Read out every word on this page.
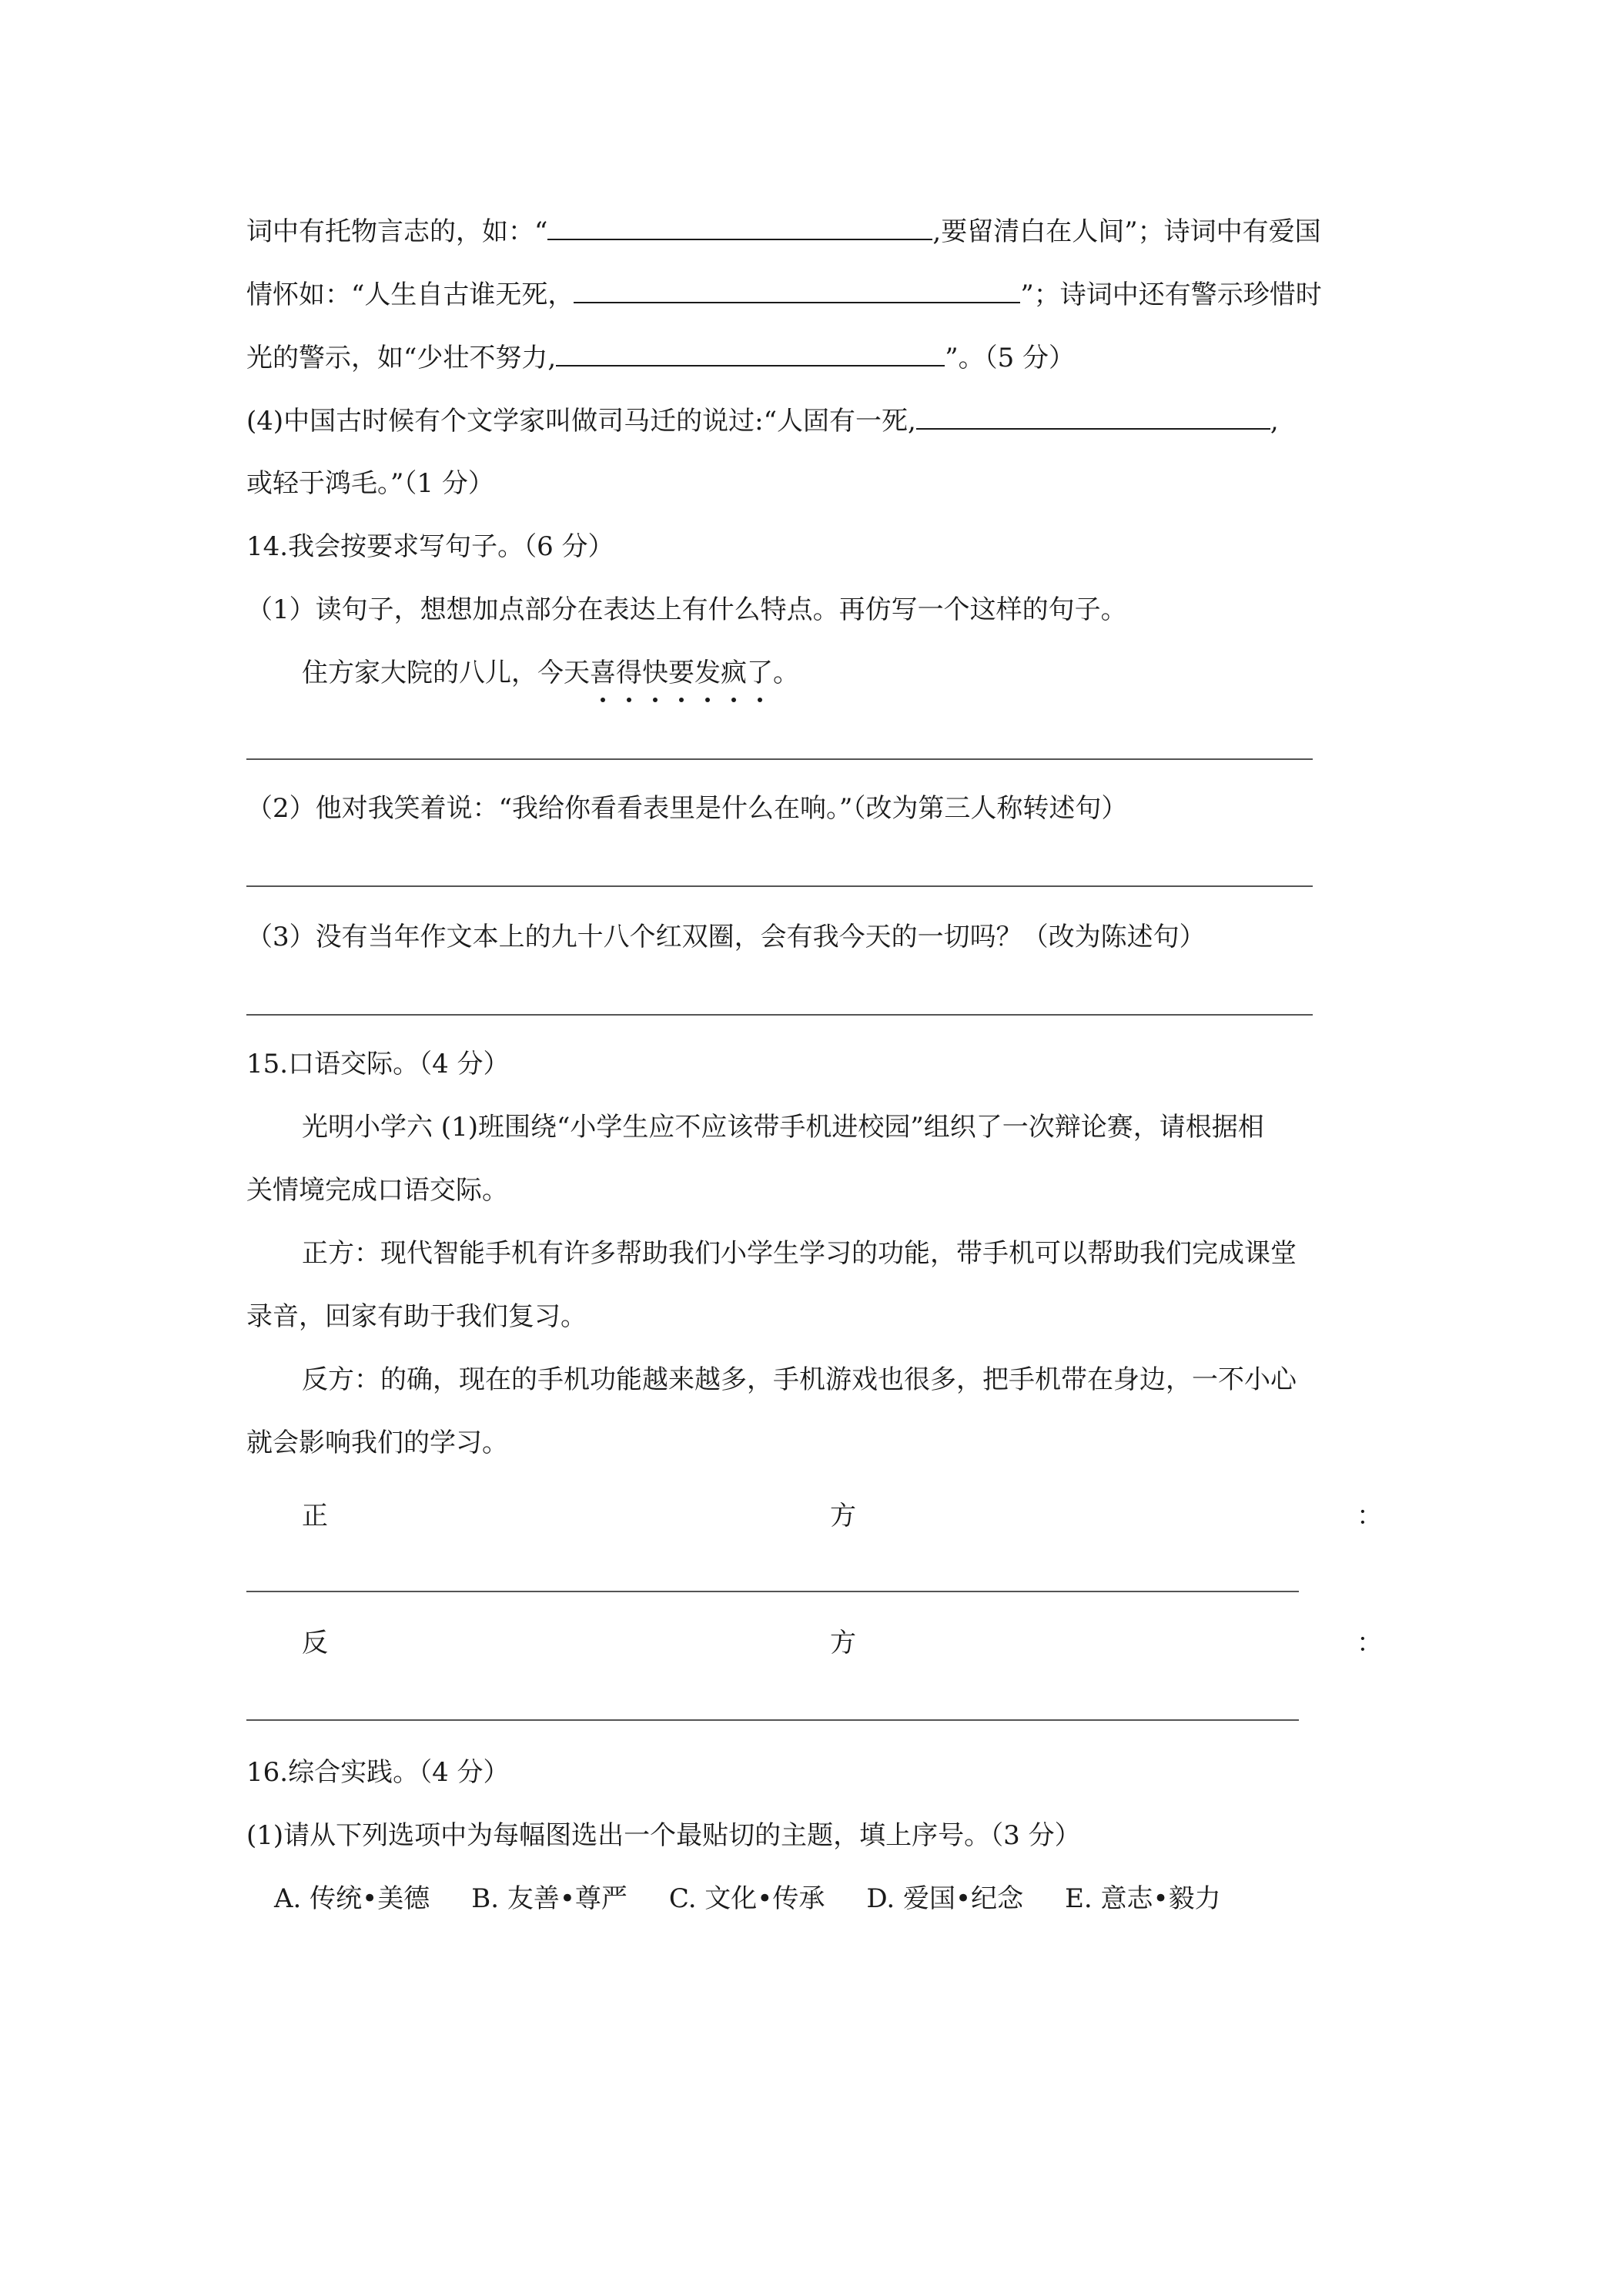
词中有托物言志的，如：“	,要留清白在人间”；诗词中有爱国
情怀如：“人生自古谁无死，	”；诗词中还有警示珍惜时
光的警示，如“少壮不努力,	”。（5 分）
(4)中国古时候有个文学家叫做司马迁的说过:“人固有一死,	,
或轻于鸿毛。”（1 分）
14.我会按要求写句子。（6 分）
（1）读句子，想想加点部分在表达上有什么特点。再仿写一个这样的句子。
住方家大院的八儿，今天喜得快要发疯了。
（2）他对我笑着说：“我给你看看表里是什么在响。”（改为第三人称转述句）
（3）没有当年作文本上的九十八个红双圈，会有我今天的一切吗？（改为陈述句）
15.口语交际。（4 分）
光明小学六 (1)班围绕“小学生应不应该带手机进校园”组织了一次辩论赛，请根据相
关情境完成口语交际。
正方：现代智能手机有许多帮助我们小学生学习的功能，带手机可以帮助我们完成课堂
录音，回家有助于我们复习。
反方：的确，现在的手机功能越来越多，手机游戏也很多，把手机带在身边，一不小心
就会影响我们的学习。
正	方	：
反	方	：
16.综合实践。（4 分）
(1)请从下列选项中为每幅图选出一个最贴切的主题，填上序号。（3 分）
A. 传统•美德 B. 友善•尊严 C. 文化•传承 D. 爱国•纪念 E. 意志•毅力
